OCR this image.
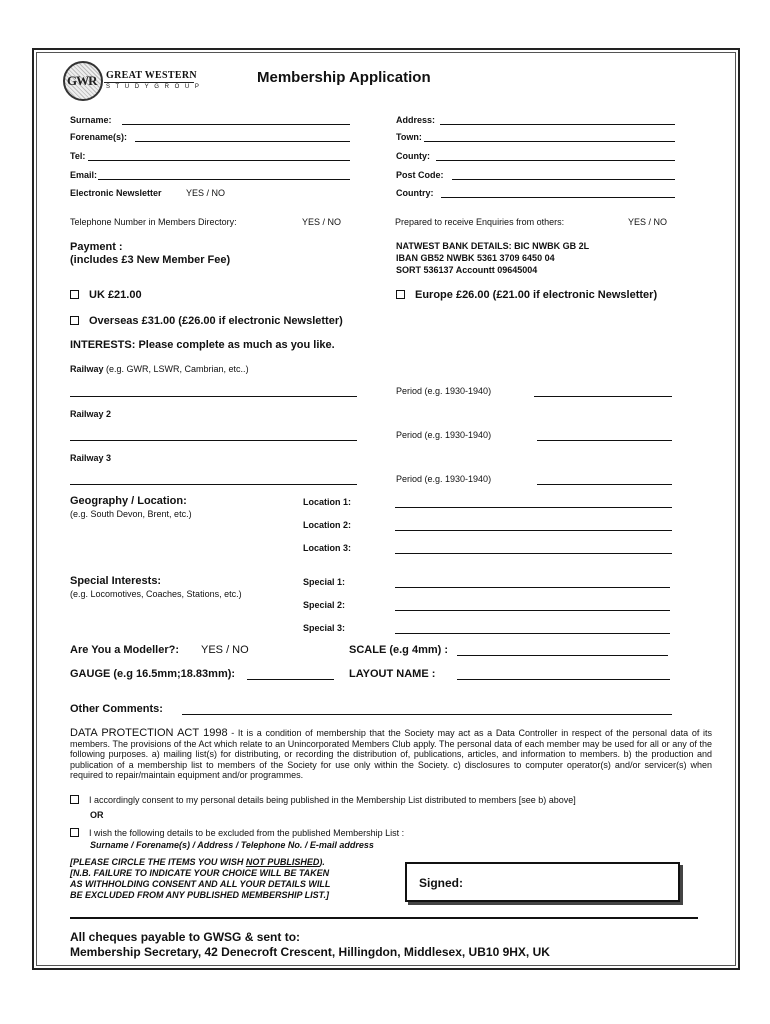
GWR GREAT WESTERN
S T U D Y G R O U P
Membership Application
Surname:
Forename(s):
Tel:
Email:
Electronic Newsletter	YES / NO
Address:
Town:
County:
Post Code:
Country:
Telephone Number in Members Directory:	YES / NO	Prepared to receive Enquiries from others:	YES / NO
Payment :
(includes £3 New Member Fee)
NATWEST BANK DETAILS: BIC NWBK GB 2L
IBAN GB52 NWBK 5361 3709 6450 04
SORT 536137 Accountt 09645004
UK £21.00	Europe £26.00 (£21.00 if electronic Newsletter)
Overseas £31.00 (£26.00 if electronic Newsletter)
INTERESTS: Please complete as much as you like.
Railway (e.g. GWR, LSWR, Cambrian, etc..)
Period (e.g. 1930-1940)
Railway 2
Period (e.g. 1930-1940)
Railway 3
Period (e.g. 1930-1940)
Geography / Location:
(e.g. South Devon, Brent, etc.)
Location 1:
Location 2:
Location 3:
Special Interests:
(e.g. Locomotives, Coaches, Stations, etc.)
Special 1:
Special 2:
Special 3:
Are You a Modeller?: YES / NO	SCALE (e.g 4mm) :
GAUGE (e.g 16.5mm;18.83mm):	LAYOUT NAME :
Other Comments:
DATA PROTECTION ACT 1998 - It is a condition of membership that the Society may act as a Data Controller in respect of the personal data of its members. The provisions of the Act which relate to an Unincorporated Members Club apply. The personal data of each member may be used for all or any of the following purposes. a) mailing list(s) for distributing, or recording the distribution of, publications, articles, and information to members. b) the production and publication of a membership list to members of the Society for use only within the Society. c) disclosures to computer operator(s) and/or servicer(s) when required to repair/maintain equipment and/or programmes.
I accordingly consent to my personal details being published in the Membership List distributed to members [see b) above]
OR
I wish the following details to be excluded from the published Membership List :
Surname / Forename(s) / Address / Telephone No. / E-mail address
[PLEASE CIRCLE THE ITEMS YOU WISH NOT PUBLISHED).
[N.B. FAILURE TO INDICATE YOUR CHOICE WILL BE TAKEN
AS WITHHOLDING CONSENT AND ALL YOUR DETAILS WILL
BE EXCLUDED FROM ANY PUBLISHED MEMBERSHIP LIST.]
Signed:
All cheques payable to GWSG & sent to:
Membership Secretary, 42 Denecroft Crescent, Hillingdon, Middlesex, UB10 9HX, UK
